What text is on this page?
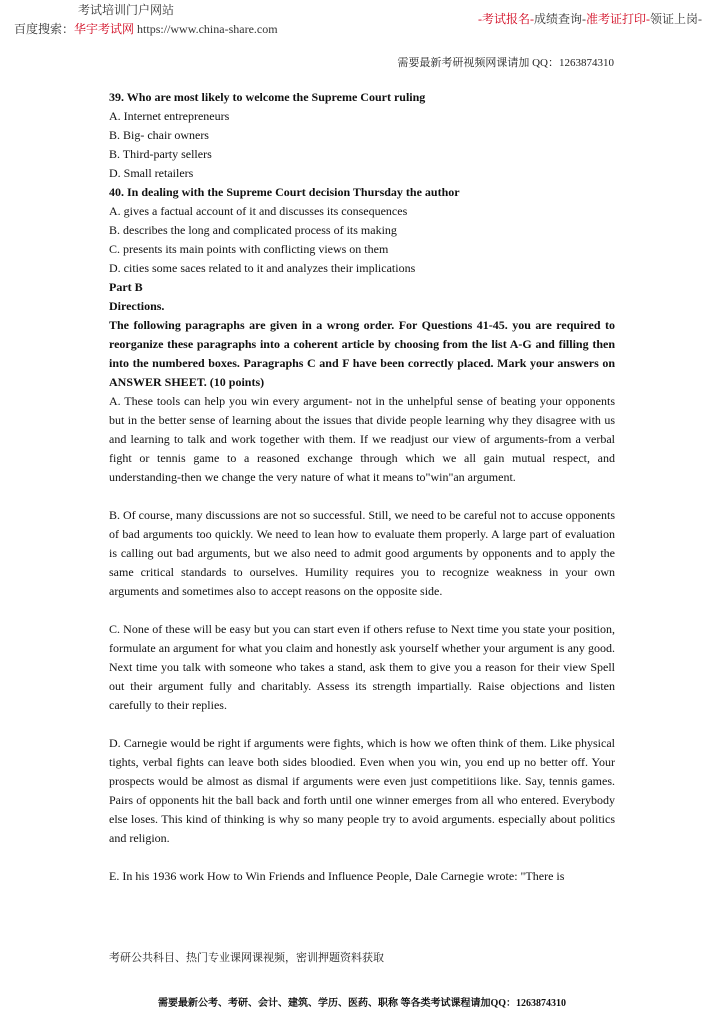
考试培训门户网站
百度搜索：华宇考试网 https://www.china-share.com
-考试报名-成绩查询-准考证打印-领证上岗-
需要最新考研视频网课请加 QQ：1263874310
39. Who are most likely to welcome the Supreme Court ruling
A. Internet entrepreneurs
B. Big- chair owners
B. Third-party sellers
D. Small retailers
40. In dealing with the Supreme Court decision Thursday the author
A. gives a factual account of it and discusses its consequences
B. describes the long and complicated process of its making
C. presents its main points with conflicting views on them
D. cities some saces related to it and analyzes their implications
Part B
Directions.

The following paragraphs are given in a wrong order. For Questions 41-45. you are required to reorganize these paragraphs into a coherent article by choosing from the list A-G and filling then into the numbered boxes. Paragraphs C and F have been correctly placed. Mark your answers on ANSWER SHEET. (10 points)

A. These tools can help you win every argument- not in the unhelpful sense of beating your opponents but in the better sense of learning about the issues that divide people learning why they disagree with us and learning to talk and work together with them. If we readjust our view of arguments-from a verbal fight or tennis game to a reasoned exchange through which we all gain mutual respect, and understanding-then we change the very nature of what it means to"win"an argument.

B. Of course, many discussions are not so successful. Still, we need to be careful not to accuse opponents of bad arguments too quickly. We need to lean how to evaluate them properly. A large part of evaluation is calling out bad arguments, but we also need to admit good arguments by opponents and to apply the same critical standards to ourselves. Humility requires you to recognize weakness in your own arguments and sometimes also to accept reasons on the opposite side.

C. None of these will be easy but you can start even if others refuse to Next time you state your position, formulate an argument for what you claim and honestly ask yourself whether your argument is any good. Next time you talk with someone who takes a stand, ask them to give you a reason for their view Spell out their argument fully and charitably. Assess its strength impartially. Raise objections and listen carefully to their replies.

D. Carnegie would be right if arguments were fights, which is how we often think of them. Like physical tights, verbal fights can leave both sides bloodied. Even when you win, you end up no better off. Your prospects would be almost as dismal if arguments were even just competitiions like. Say, tennis games. Pairs of opponents hit the ball back and forth until one winner emerges from all who entered. Everybody else loses. This kind of thinking is why so many people try to avoid arguments. especially about politics and religion.

E. In his 1936 work How to Win Friends and Influence People, Dale Carnegie wrote: "There is

考研公共科目、热门专业课网课视频，密训押题资料获取
需要最新公考、考研、会计、建筑、学历、医药、职称 等各类考试课程请加QQ：1263874310
